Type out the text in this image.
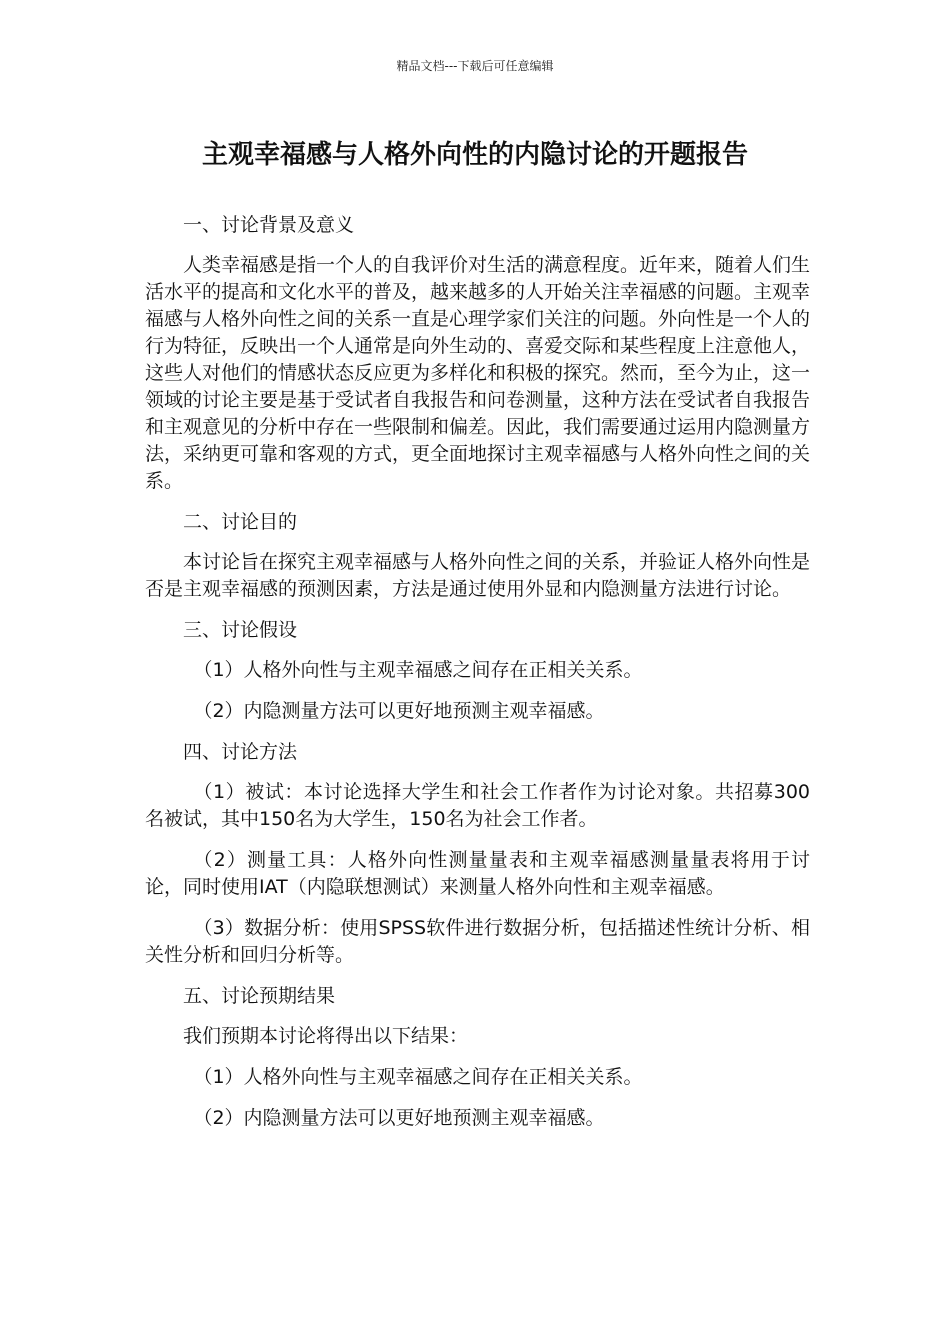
精品文档---下载后可任意编辑
主观幸福感与人格外向性的内隐讨论的开题报告

一、讨论背景及意义

人类幸福感是指一个人的自我评价对生活的满意程度。近年来，随着人们生活水平的提高和文化水平的普及，越来越多的人开始关注幸福感的问题。主观幸福感与人格外向性之间的关系一直是心理学家们关注的问题。外向性是一个人的行为特征，反映出一个人通常是向外生动的、喜爱交际和某些程度上注意他人，这些人对他们的情感状态反应更为多样化和积极的探究。然而，至今为止，这一领域的讨论主要是基于受试者自我报告和问卷测量，这种方法在受试者自我报告和主观意见的分析中存在一些限制和偏差。因此，我们需要通过运用内隐测量方法，采纳更可靠和客观的方式，更全面地探讨主观幸福感与人格外向性之间的关系。

二、讨论目的

本讨论旨在探究主观幸福感与人格外向性之间的关系，并验证人格外向性是否是主观幸福感的预测因素，方法是通过使用外显和内隐测量方法进行讨论。

三、讨论假设

（1）人格外向性与主观幸福感之间存在正相关关系。

（2）内隐测量方法可以更好地预测主观幸福感。

四、讨论方法

（1）被试：本讨论选择大学生和社会工作者作为讨论对象。共招募300名被试，其中150名为大学生，150名为社会工作者。

（2）测量工具：人格外向性测量量表和主观幸福感测量量表将用于讨论，同时使用IAT（内隐联想测试）来测量人格外向性和主观幸福感。

（3）数据分析：使用SPSS软件进行数据分析，包括描述性统计分析、相关性分析和回归分析等。

五、讨论预期结果

我们预期本讨论将得出以下结果：

（1）人格外向性与主观幸福感之间存在正相关关系。

（2）内隐测量方法可以更好地预测主观幸福感。
